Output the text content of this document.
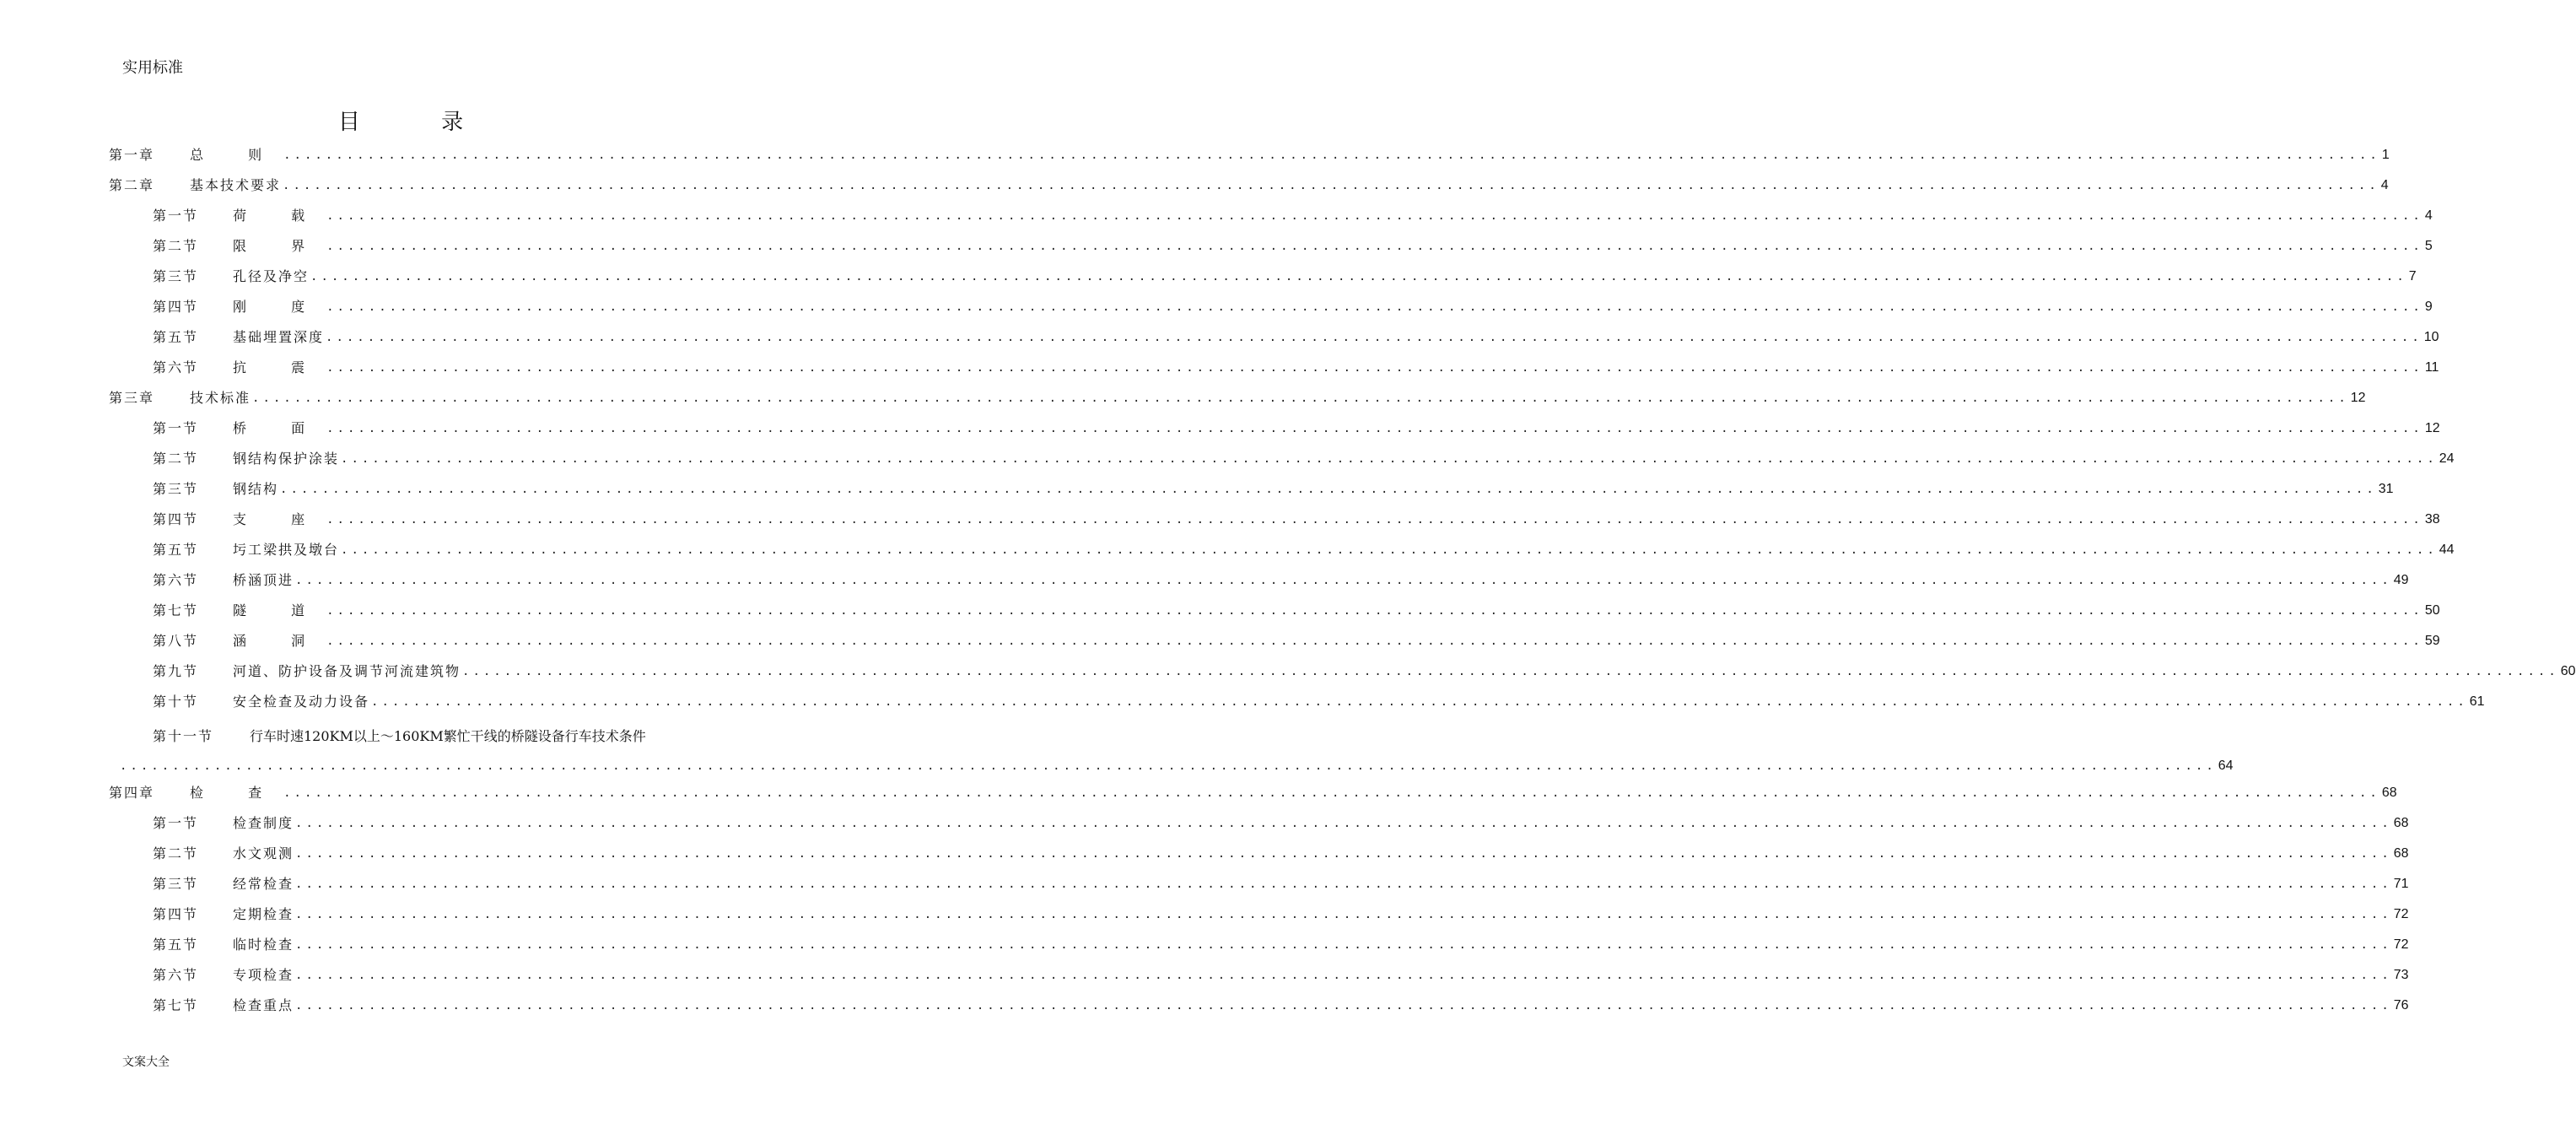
实用标准
目 录
第一章	总 则 ........................................................................................................................................................................................................ 1
第二章	基本技术要求 ........................................................................................................................................................................................................ 4
第一节	荷 载 ........................................................................................................................................................................................................ 4
第二节	限 界 ........................................................................................................................................................................................................ 5
第三节	孔径及净空 ........................................................................................................................................................................................................ 7
第四节	刚 度 ........................................................................................................................................................................................................ 9
第五节	基础埋置深度 ........................................................................................................................................................................................................ 10
第六节	抗 震 ........................................................................................................................................................................................................ 11
第三章	技术标准 ........................................................................................................................................................................................................ 12
第一节	桥 面 ........................................................................................................................................................................................................ 12
第二节	钢结构保护涂装 ........................................................................................................................................................................................................ 24
第三节	钢结构 ........................................................................................................................................................................................................ 31
第四节	支 座 ........................................................................................................................................................................................................ 38
第五节	圬工梁拱及墩台 ........................................................................................................................................................................................................ 44
第六节	桥涵顶进 ........................................................................................................................................................................................................ 49
第七节	隧 道 ........................................................................................................................................................................................................ 50
第八节	涵 洞 ........................................................................................................................................................................................................ 59
第九节	河道、防护设备及调节河流建筑物 ........................................................................................................................................................................................................ 60
第十节	安全检查及动力设备 ........................................................................................................................................................................................................ 61
第十一节	行车时速120KM以上～160KM繁忙干线的桥隧设备行车技术条件
........................................................................................................................................................................................................ 64
第四章	检 查 ........................................................................................................................................................................................................ 68
第一节	检查制度 ........................................................................................................................................................................................................ 68
第二节	水文观测 ........................................................................................................................................................................................................ 68
第三节	经常检查 ........................................................................................................................................................................................................ 71
第四节	定期检查 ........................................................................................................................................................................................................ 72
第五节	临时检查 ........................................................................................................................................................................................................ 72
第六节	专项检查 ........................................................................................................................................................................................................ 73
第七节	检查重点 ........................................................................................................................................................................................................ 76
文案大全
